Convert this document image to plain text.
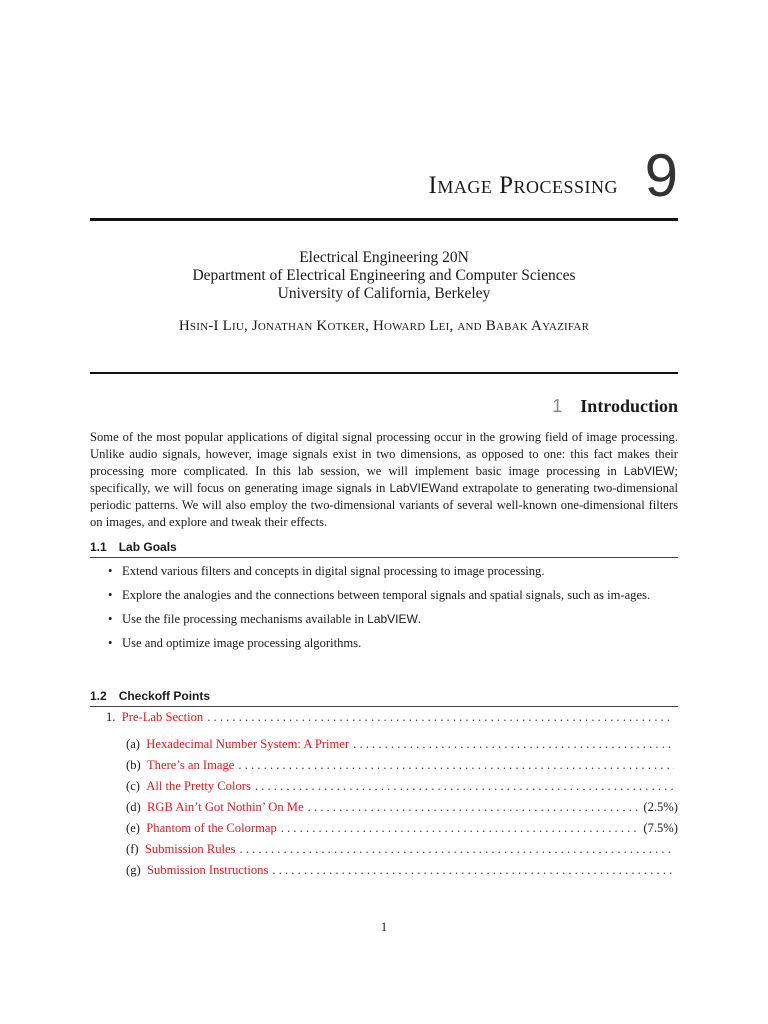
Image Processing 9
Electrical Engineering 20N
Department of Electrical Engineering and Computer Sciences
University of California, Berkeley
Hsin-I Liu, Jonathan Kotker, Howard Lei, and Babak Ayazifar
1 Introduction
Some of the most popular applications of digital signal processing occur in the growing field of image processing. Unlike audio signals, however, image signals exist in two dimensions, as opposed to one: this fact makes their processing more complicated. In this lab session, we will implement basic image processing in LabVIEW; specifically, we will focus on generating image signals in LabVIEWand extrapolate to generating two-dimensional periodic patterns. We will also employ the two-dimensional variants of several well-known one-dimensional filters on images, and explore and tweak their effects.
1.1 Lab Goals
• Extend various filters and concepts in digital signal processing to image processing.
• Explore the analogies and the connections between temporal signals and spatial signals, such as im-ages.
• Use the file processing mechanisms available in LabVIEW.
• Use and optimize image processing algorithms.
1.2 Checkoff Points
1. Pre-Lab Section
. . .
(a) Hexadecimal Number System: A Primer
. . .
(b) There’s an Image
. . .
(c) All the Pretty Colors
. . .
(d) RGB Ain’t Got Nothin’ On Me . . .	(2.5%)
(e) Phantom of the Colormap . . .	(7.5%)
(f) Submission Rules
. . .
(g) Submission Instructions
. . .
1
